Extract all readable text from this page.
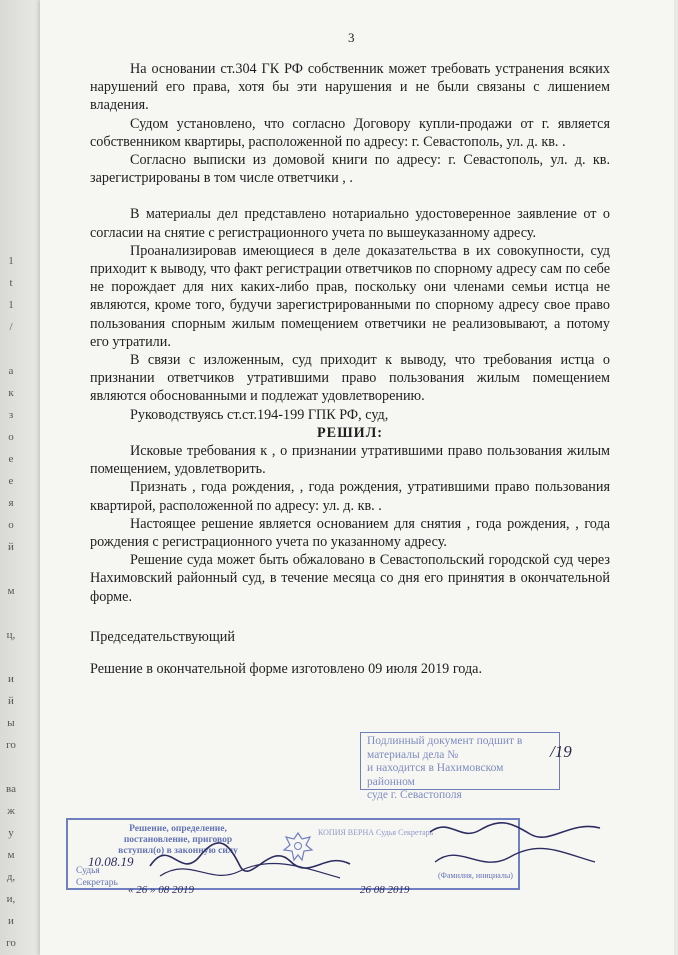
1
t
1
/

а
к
з
о
е
е
я
о
й

м

ц,

и
й
ы
го

ва
ж
у
м
д,
и,
и
го
3

На основании ст.304 ГК РФ собственник может требовать устранения всяких нарушений его права, хотя бы эти нарушения и не были связаны с лишением владения.

Судом установлено, что согласно Договору купли-продажи от г. является собственником квартиры, расположенной по адресу: г. Севастополь, ул. д. кв. .

Согласно выписки из домовой книги по адресу: г. Севастополь, ул. д. кв. зарегистрированы в том числе ответчики , .

В материалы дел представлено нотариально удостоверенное заявление от о согласии на снятие с регистрационного учета по вышеуказанному адресу.

Проанализировав имеющиеся в деле доказательства в их совокупности, суд приходит к выводу, что факт регистрации ответчиков по спорному адресу сам по себе не порождает для них каких-либо прав, поскольку они членами семьи истца не являются, кроме того, будучи зарегистрированными по спорному адресу свое право пользования спорным жилым помещением ответчики не реализовывают, а потому его утратили.

В связи с изложенным, суд приходит к выводу, что требования истца о признании ответчиков утратившими право пользования жилым помещением являются обоснованными и подлежат удовлетворению.

Руководствуясь ст.ст.194-199 ГПК РФ, суд,

РЕШИЛ:

Исковые требования к , о признании утратившими право пользования жилым помещением, удовлетворить.

Признать , года рождения, , года рождения, утратившими право пользования квартирой, расположенной по адресу: ул. д. кв. .

Настоящее решение является основанием для снятия , года рождения, , года рождения с регистрационного учета по указанному адресу.

Решение суда может быть обжаловано в Севастопольский городской суд через Нахимовский районный суд, в течение месяца со дня его принятия в окончательной форме.

Председательствующий

Решение в окончательной форме изготовлено 09 июля 2019 года.

Подлинный документ подшит в
материалы дела №
и находится в Нахимовском районном
суде г. Севастополя
/19
Решение, определение,
постановление, приговор
вступил(о) в законную силу
КОПИЯ ВЕРНА Судья Секретарь
10.08.19
Судья
Секретарь
(Фамилия, инициалы)
« 26 » 08 2019	26 08 2019
